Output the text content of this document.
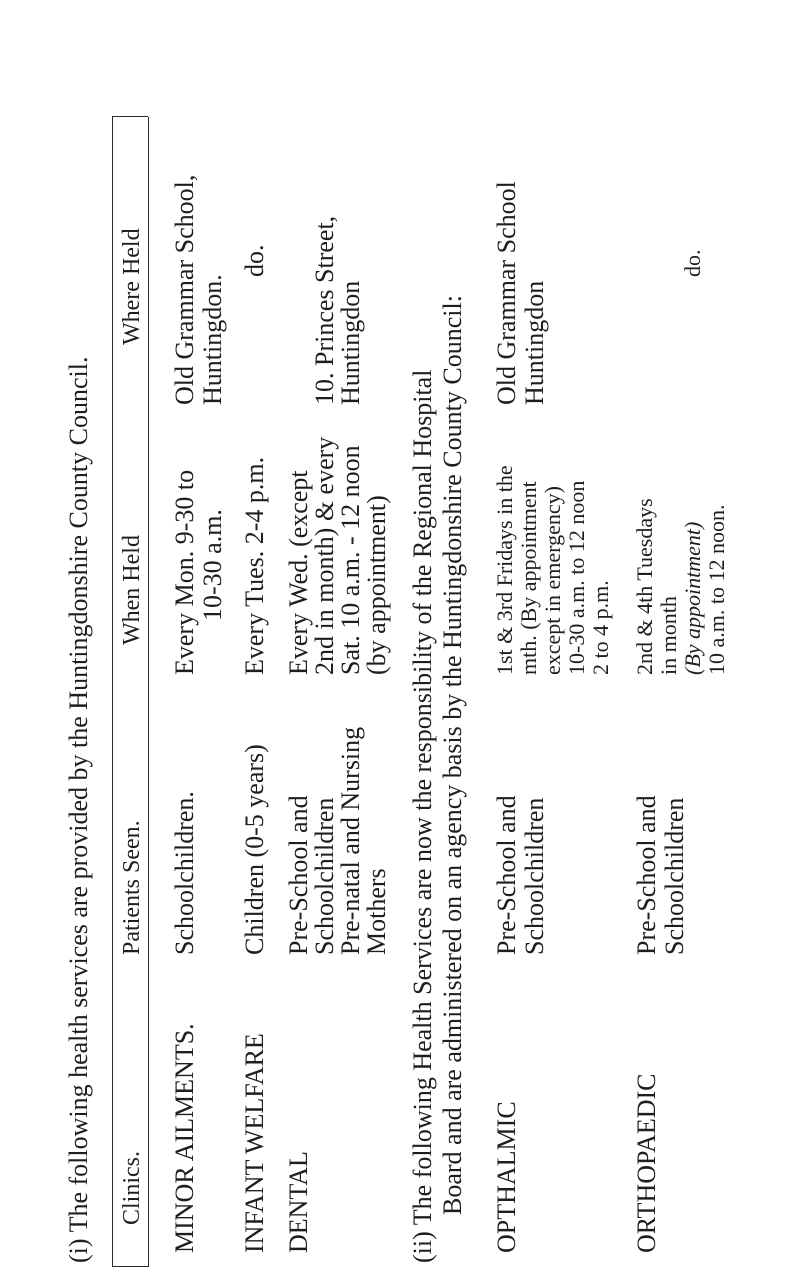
(i) The following health services are provided by the Huntingdonshire County Council. Clinics.
Patients Seen.
When Held
Where Held
MINOR AILMENTS.
Schoolchildren.
Every Mon. 9-30 to 10-30 a.m.
Old Grammar School, Huntingdon.
INFANT WELFARE
Children (0-5 years)
Every Tues. 2-4 p.m.
do.
DENTAL
Pre-School and
Schoolchildren
Pre-natal and Nursing
Mothers
Every Wed. (except
2nd in month) & every
Sat. 10 a.m. - 12 noon
(by appointment)
10. Princes Street,
Huntingdon
(ii) The following Health Services are now the responsibility of the Regional Hospital Board and are administered on an agency basis by the Huntingdonshire County Council: OPTHALMIC
Pre-School and Schoolchildren
1st & 3rd Fridays in the mth. (By appointment except in emergency) 10-30 a.m. to 12 noon 2 to 4 p.m.
Old Grammar School Huntingdon
ORTHOPAEDIC
Pre-School and Schoolchildren
2nd & 4th Tuesdays in month (By appointment) 10 a.m. to 12 noon.
do.
